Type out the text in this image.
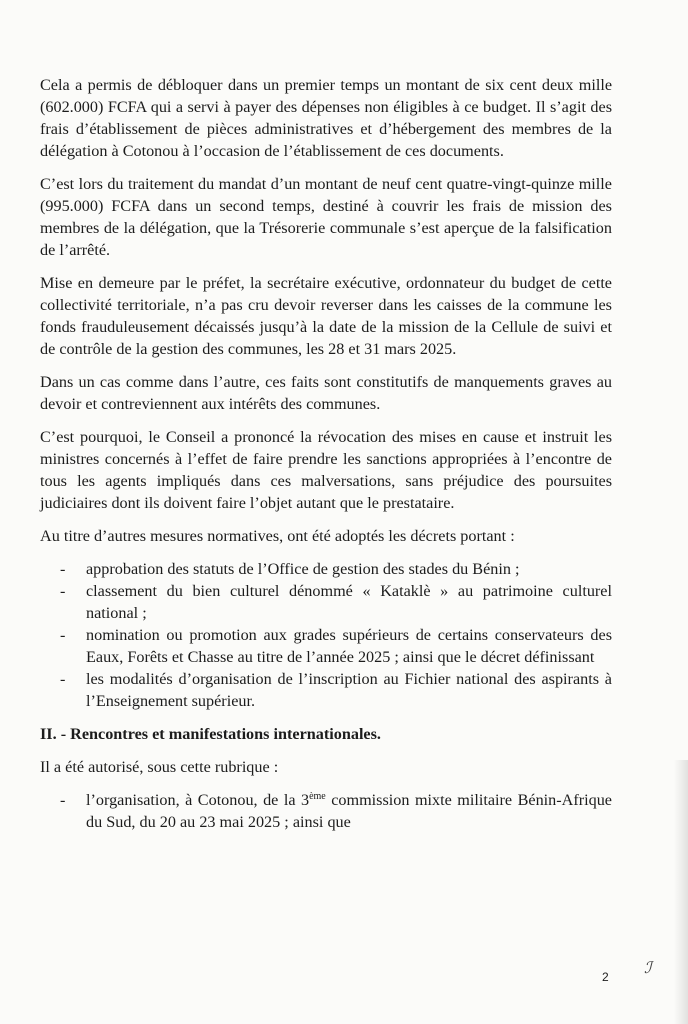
Cela a permis de débloquer dans un premier temps un montant de six cent deux mille (602.000) FCFA qui a servi à payer des dépenses non éligibles à ce budget. Il s’agit des frais d’établissement de pièces administratives et d’hébergement des membres de la délégation à Cotonou à l’occasion de l’établissement de ces documents.

C’est lors du traitement du mandat d’un montant de neuf cent quatre-vingt-quinze mille (995.000) FCFA dans un second temps, destiné à couvrir les frais de mission des membres de la délégation, que la Trésorerie communale s’est aperçue de la falsification de l’arrêté.

Mise en demeure par le préfet, la secrétaire exécutive, ordonnateur du budget de cette collectivité territoriale, n’a pas cru devoir reverser dans les caisses de la commune les fonds frauduleusement décaissés jusqu’à la date de la mission de la Cellule de suivi et de contrôle de la gestion des communes, les 28 et 31 mars 2025.

Dans un cas comme dans l’autre, ces faits sont constitutifs de manquements graves au devoir et contreviennent aux intérêts des communes.

C’est pourquoi, le Conseil a prononcé la révocation des mises en cause et instruit les ministres concernés à l’effet de faire prendre les sanctions appropriées à l’encontre de tous les agents impliqués dans ces malversations, sans préjudice des poursuites judiciaires dont ils doivent faire l’objet autant que le prestataire.

Au titre d’autres mesures normatives, ont été adoptés les décrets portant :

- approbation des statuts de l’Office de gestion des stades du Bénin ;
- classement du bien culturel dénommé « Kataklè » au patrimoine culturel national ;
- nomination ou promotion aux grades supérieurs de certains conservateurs des Eaux, Forêts et Chasse au titre de l’année 2025 ; ainsi que le décret définissant
- les modalités d’organisation de l’inscription au Fichier national des aspirants à l’Enseignement supérieur.
II. - Rencontres et manifestations internationales.

Il a été autorisé, sous cette rubrique :

- l’organisation, à Cotonou, de la 3ème commission mixte militaire Bénin-Afrique du Sud, du 20 au 23 mai 2025 ; ainsi que
ℐ
2
